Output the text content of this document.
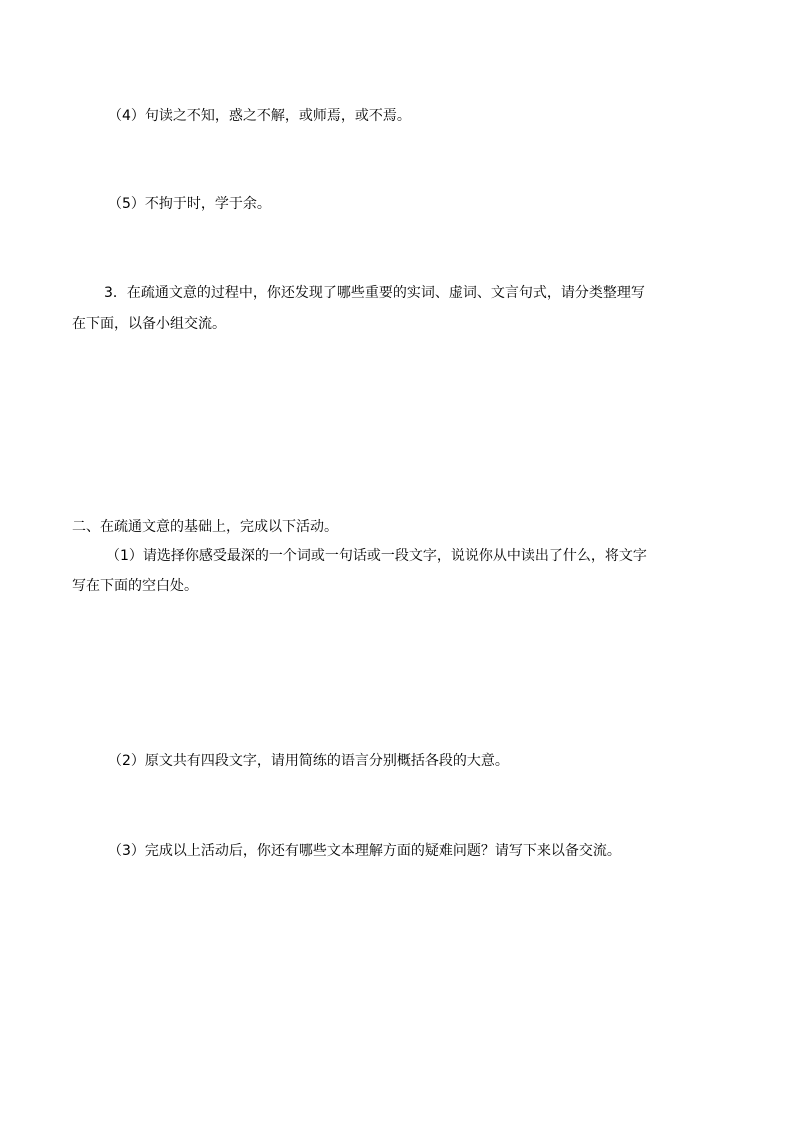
（4）句读之不知，惑之不解，或师焉，或不焉。
（5）不拘于时，学于余。
3．在疏通文意的过程中，你还发现了哪些重要的实词、虚词、文言句式，请分类整理写
在下面，以备小组交流。
二、在疏通文意的基础上，完成以下活动。
（1）请选择你感受最深的一个词或一句话或一段文字，说说你从中读出了什么，将文字
写在下面的空白处。
（2）原文共有四段文字，请用简练的语言分别概括各段的大意。
（3）完成以上活动后，你还有哪些文本理解方面的疑难问题？请写下来以备交流。
